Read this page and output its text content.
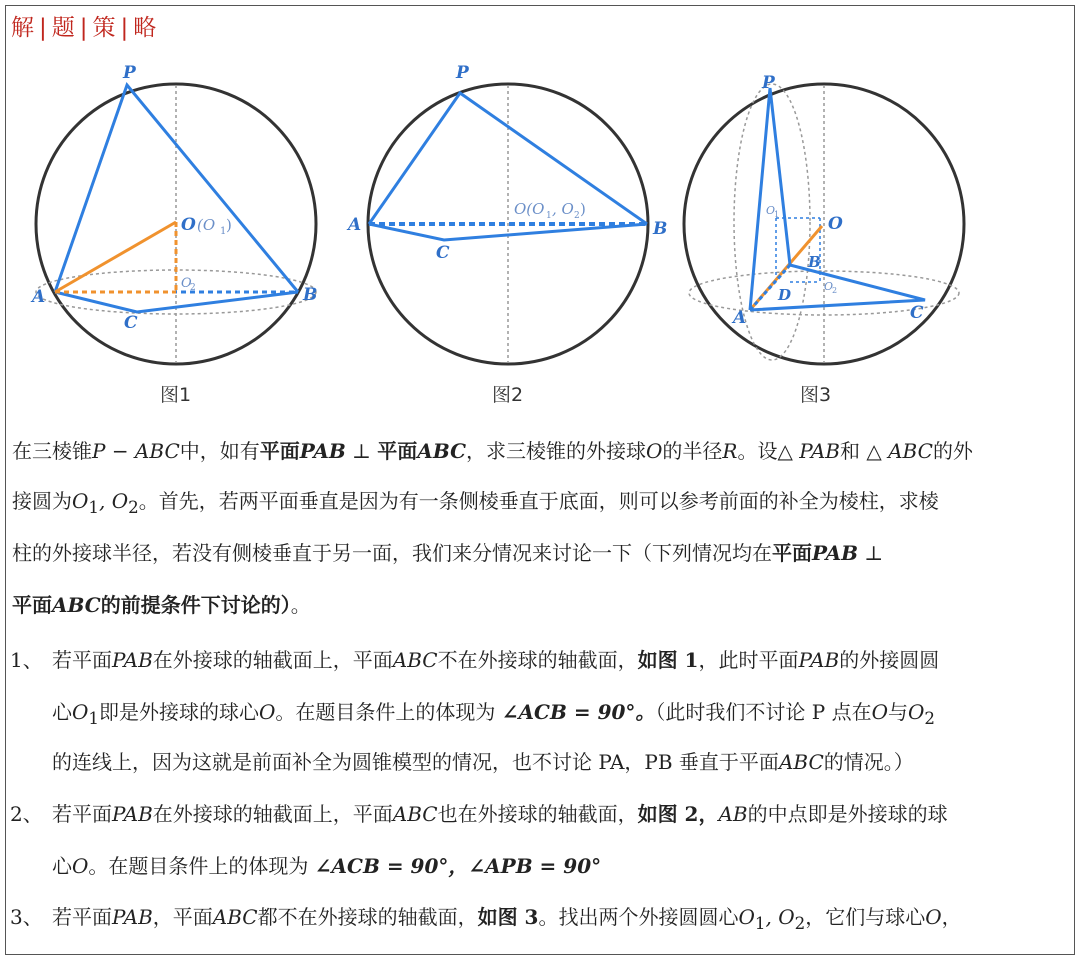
解 | 题 | 策 | 略
P
A	B
C
O (O 1 )
O
2
P
A	B
C
O(O 1 , O 2 )
P
A
B
C
O
D
O
1
O
2
图1	图2	图3
在三棱锥P − ABC中，如有平面PAB ⊥ 平面ABC，求三棱锥的外接球O的半径R。设△ PAB和 △ ABC的外
接圆为$O_1$, $O_2$。首先，若两平面垂直是因为有一条侧棱垂直于底面，则可以参考前面的补全为棱柱，求棱
柱的外接球半径，若没有侧棱垂直于另一面，我们来分情况来讨论一下（下列情况均在平面PAB ⊥
平面ABC的前提条件下讨论的）。
1、 若平面PAB在外接球的轴截面上，平面ABC不在外接球的轴截面，如图 1，此时平面PAB的外接圆圆
心$O_1$即是外接球的球心O。在题目条件上的体现为 ∠ACB = 90°。（此时我们不讨论 P 点在O与$O_2$
的连线上，因为这就是前面补全为圆锥模型的情况，也不讨论 PA，PB 垂直于平面ABC的情况。）
2、 若平面PAB在外接球的轴截面上，平面ABC也在外接球的轴截面，如图 2，AB的中点即是外接球的球
心O。在题目条件上的体现为 ∠ACB = 90°，∠APB = 90°
3、 若平面PAB，平面ABC都不在外接球的轴截面，如图 3。找出两个外接圆圆心$O_1$, $O_2$，它们与球心O，
